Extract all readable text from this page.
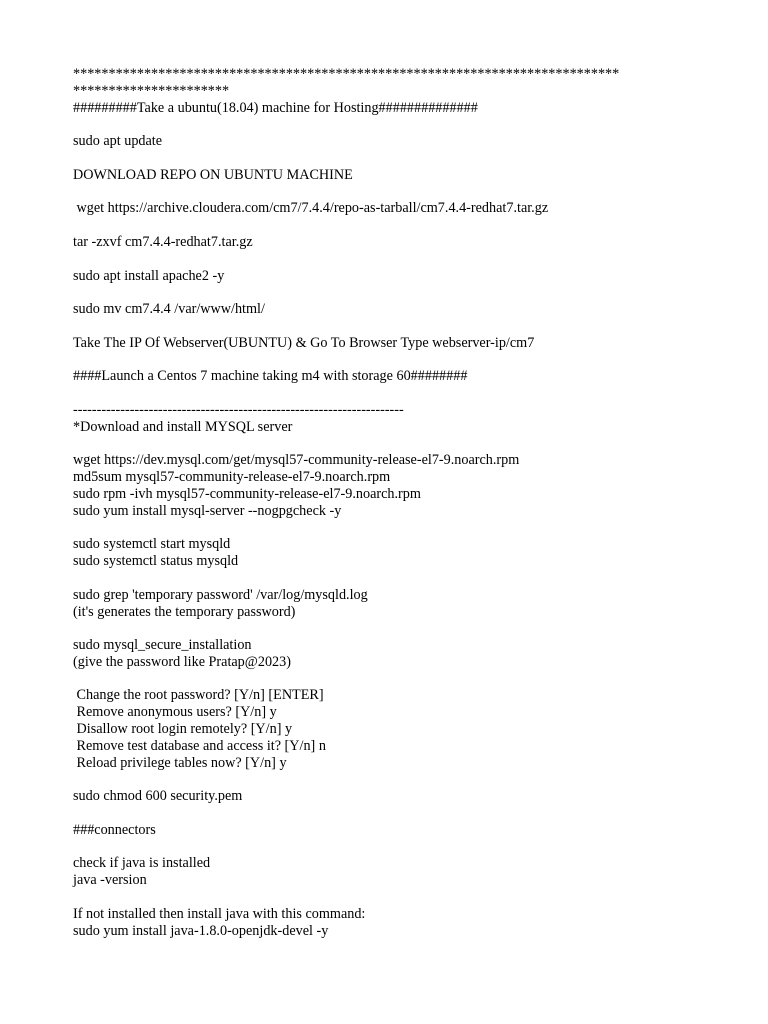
*****************************************************************************
**********************
#########Take a ubuntu(18.04) machine for Hosting##############
sudo apt update
DOWNLOAD REPO ON UBUNTU MACHINE
wget https://archive.cloudera.com/cm7/7.4.4/repo-as-tarball/cm7.4.4-redhat7.tar.gz
tar -zxvf cm7.4.4-redhat7.tar.gz
sudo apt install apache2 -y
sudo mv cm7.4.4 /var/www/html/
Take The IP Of Webserver(UBUNTU) & Go To Browser Type webserver-ip/cm7
####Launch a Centos 7 machine taking m4 with storage 60########
----------------------------------------------------------------------
*Download and install MYSQL server
wget https://dev.mysql.com/get/mysql57-community-release-el7-9.noarch.rpm
md5sum mysql57-community-release-el7-9.noarch.rpm
sudo rpm -ivh mysql57-community-release-el7-9.noarch.rpm
sudo yum install mysql-server --nogpgcheck -y
sudo systemctl start mysqld
sudo systemctl status mysqld
sudo grep 'temporary password' /var/log/mysqld.log
(it's generates the temporary password)
sudo mysql_secure_installation
(give the password like Pratap@2023)
Change the root password? [Y/n] [ENTER]
Remove anonymous users? [Y/n] y
Disallow root login remotely? [Y/n] y
Remove test database and access it? [Y/n] n
Reload privilege tables now? [Y/n] y
sudo chmod 600 security.pem
###connectors
check if java is installed
java -version
If not installed then install java with this command:
sudo yum install java-1.8.0-openjdk-devel -y
